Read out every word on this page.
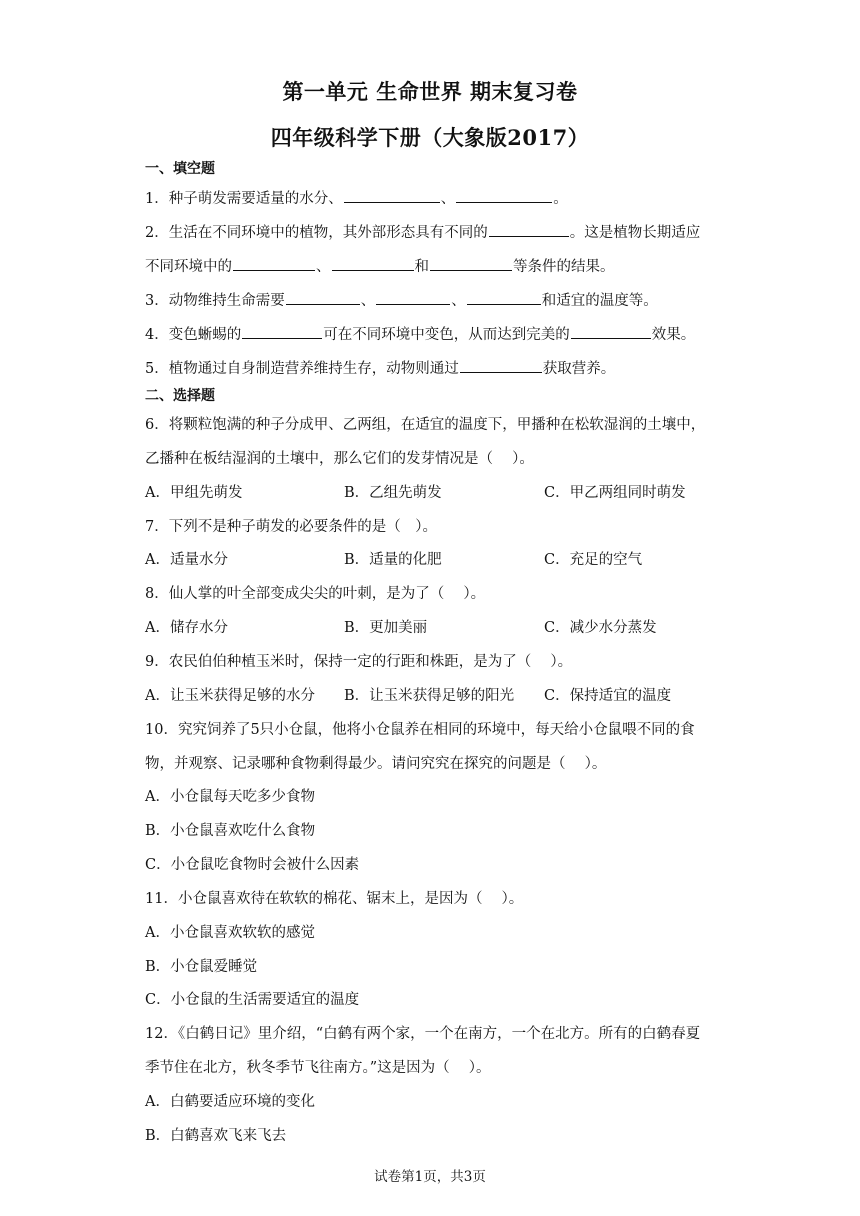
第一单元 生命世界 期末复习卷
四年级科学下册（大象版2017）
一、填空题
1．种子萌发需要适量的水分、	、	。
2．生活在不同环境中的植物，其外部形态具有不同的	。这是植物长期适应
不同环境中的	、	和	等条件的结果。
3．动物维持生命需要	、	、	和适宜的温度等。
4．变色蜥蜴的	可在不同环境中变色，从而达到完美的	效果。
5．植物通过自身制造营养维持生存，动物则通过	获取营养。
二、选择题
6．将颗粒饱满的种子分成甲、乙两组，在适宜的温度下，甲播种在松软湿润的土壤中，
乙播种在板结湿润的土壤中，那么它们的发芽情况是（　 ）。
A．甲组先萌发	B．乙组先萌发	C．甲乙两组同时萌发
7．下列不是种子萌发的必要条件的是（　）。
A．适量水分	B．适量的化肥	C．充足的空气
8．仙人掌的叶全部变成尖尖的叶刺，是为了（　 ）。
A．储存水分	B．更加美丽	C．减少水分蒸发
9．农民伯伯种植玉米时，保持一定的行距和株距，是为了（　 ）。
A．让玉米获得足够的水分 B．让玉米获得足够的阳光 C．保持适宜的温度
10．究究饲养了5只小仓鼠，他将小仓鼠养在相同的环境中，每天给小仓鼠喂不同的食
物，并观察、记录哪种食物剩得最少。请问究究在探究的问题是（　 ）。
A．小仓鼠每天吃多少食物
B．小仓鼠喜欢吃什么食物
C．小仓鼠吃食物时会被什么因素
11．小仓鼠喜欢待在软软的棉花、锯末上，是因为（　 ）。
A．小仓鼠喜欢软软的感觉
B．小仓鼠爱睡觉
C．小仓鼠的生活需要适宜的温度
12．《白鹤日记》里介绍，“白鹤有两个家，一个在南方，一个在北方。所有的白鹤春夏
季节住在北方，秋冬季节飞往南方。”这是因为（　 ）。
A．白鹤要适应环境的变化
B．白鹤喜欢飞来飞去
试卷第1页，共3页
